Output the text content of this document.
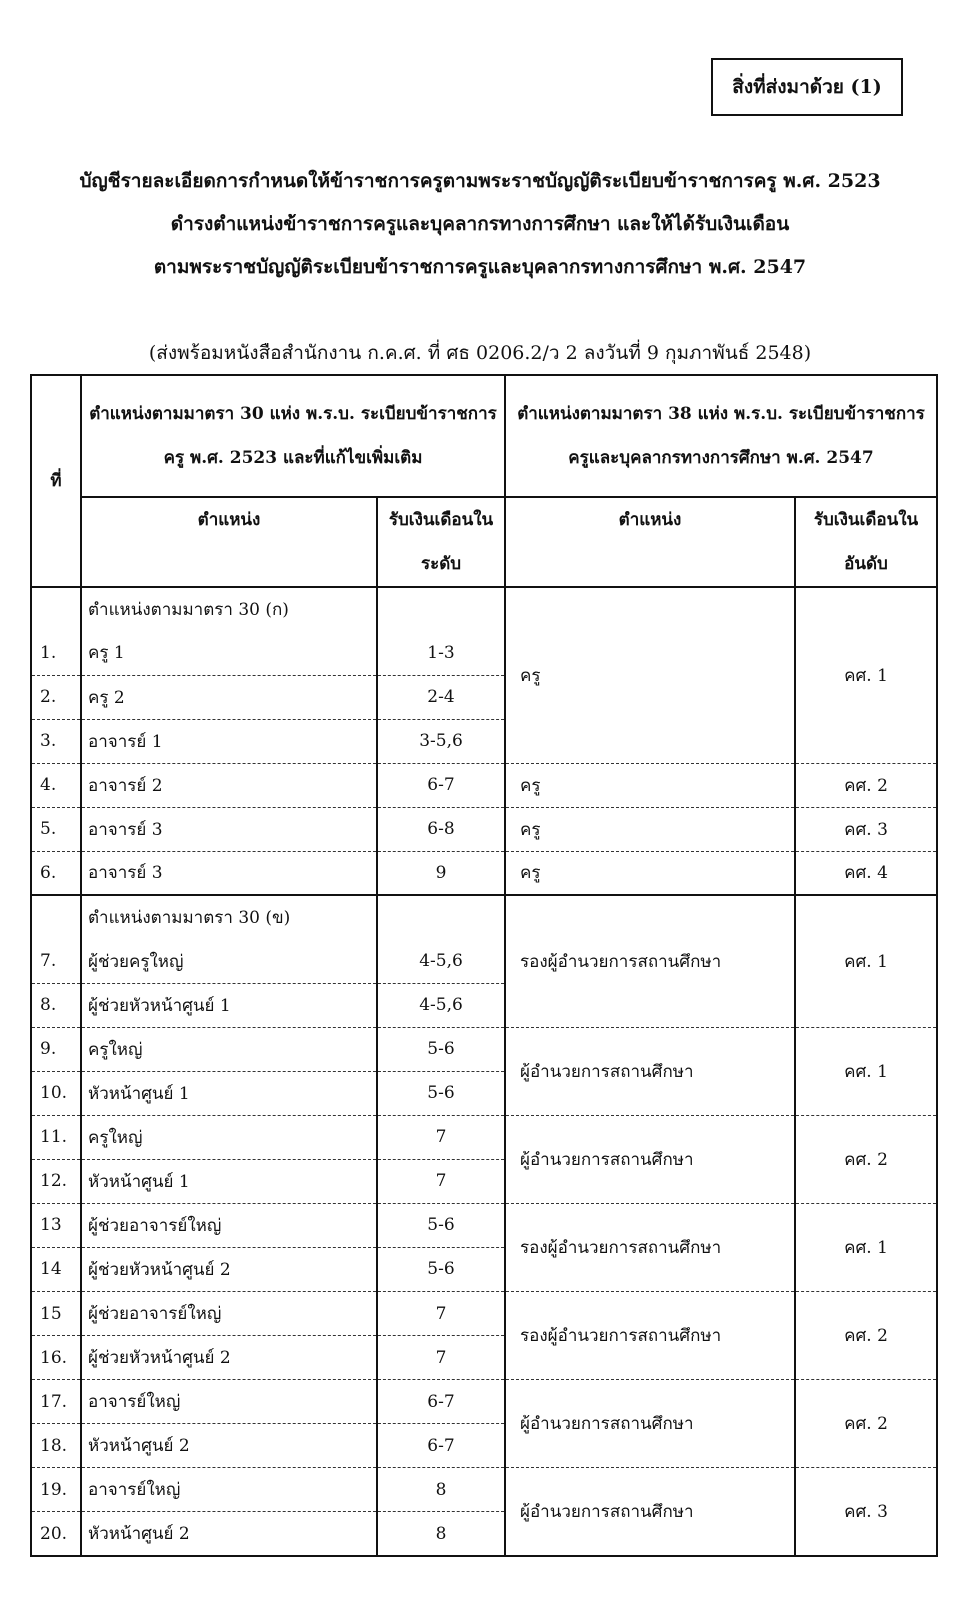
สิ่งที่ส่งมาด้วย (1)
บัญชีรายละเอียดการกำหนดให้ข้าราชการครูตามพระราชบัญญัติระเบียบข้าราชการครู พ.ศ. 2523
ดำรงตำแหน่งข้าราชการครูและบุคลากรทางการศึกษา และให้ได้รับเงินเดือน
ตามพระราชบัญญัติระเบียบข้าราชการครูและบุคลากรทางการศึกษา พ.ศ. 2547
(ส่งพร้อมหนังสือสำนักงาน ก.ค.ศ. ที่ ศธ 0206.2/ว 2 ลงวันที่ 9 กุมภาพันธ์ 2548)
ที่	ตำแหน่งตามมาตรา 30 แห่ง พ.ร.บ. ระเบียบข้าราชการครู พ.ศ. 2523 และที่แก้ไขเพิ่มเติม		ตำแหน่งตามมาตรา 38 แห่ง พ.ร.บ. ระเบียบข้าราชการครูและบุคลากรทางการศึกษา พ.ศ. 2547	
	ตำแหน่ง	รับเงินเดือนในระดับ	ตำแหน่ง	รับเงินเดือนในอันดับ
	ตำแหน่งตามมาตรา 30 (ก)		ครู	คศ. 1
1.	ครู 1	1-3		
2.	ครู 2	2-4		
3.	อาจารย์ 1	3-5,6		
4.	อาจารย์ 2	6-7	ครู	คศ. 2
5.	อาจารย์ 3	6-8	ครู	คศ. 3
6.	อาจารย์ 3	9	ครู	คศ. 4
	ตำแหน่งตามมาตรา 30 (ข)		รองผู้อำนวยการสถานศึกษา	คศ. 1
7.	ผู้ช่วยครูใหญ่	4-5,6		
8.	ผู้ช่วยหัวหน้าศูนย์ 1	4-5,6		
9.	ครูใหญ่	5-6	ผู้อำนวยการสถานศึกษา	คศ. 1
10.	หัวหน้าศูนย์ 1	5-6		
11.	ครูใหญ่	7	ผู้อำนวยการสถานศึกษา	คศ. 2
12.	หัวหน้าศูนย์ 1	7		
13	ผู้ช่วยอาจารย์ใหญ่	5-6	รองผู้อำนวยการสถานศึกษา	คศ. 1
14	ผู้ช่วยหัวหน้าศูนย์ 2	5-6		
15	ผู้ช่วยอาจารย์ใหญ่	7	รองผู้อำนวยการสถานศึกษา	คศ. 2
16.	ผู้ช่วยหัวหน้าศูนย์ 2	7		
17.	อาจารย์ใหญ่	6-7	ผู้อำนวยการสถานศึกษา	คศ. 2
18.	หัวหน้าศูนย์ 2	6-7		
19.	อาจารย์ใหญ่	8	ผู้อำนวยการสถานศึกษา	คศ. 3
20.	หัวหน้าศูนย์ 2	8		
